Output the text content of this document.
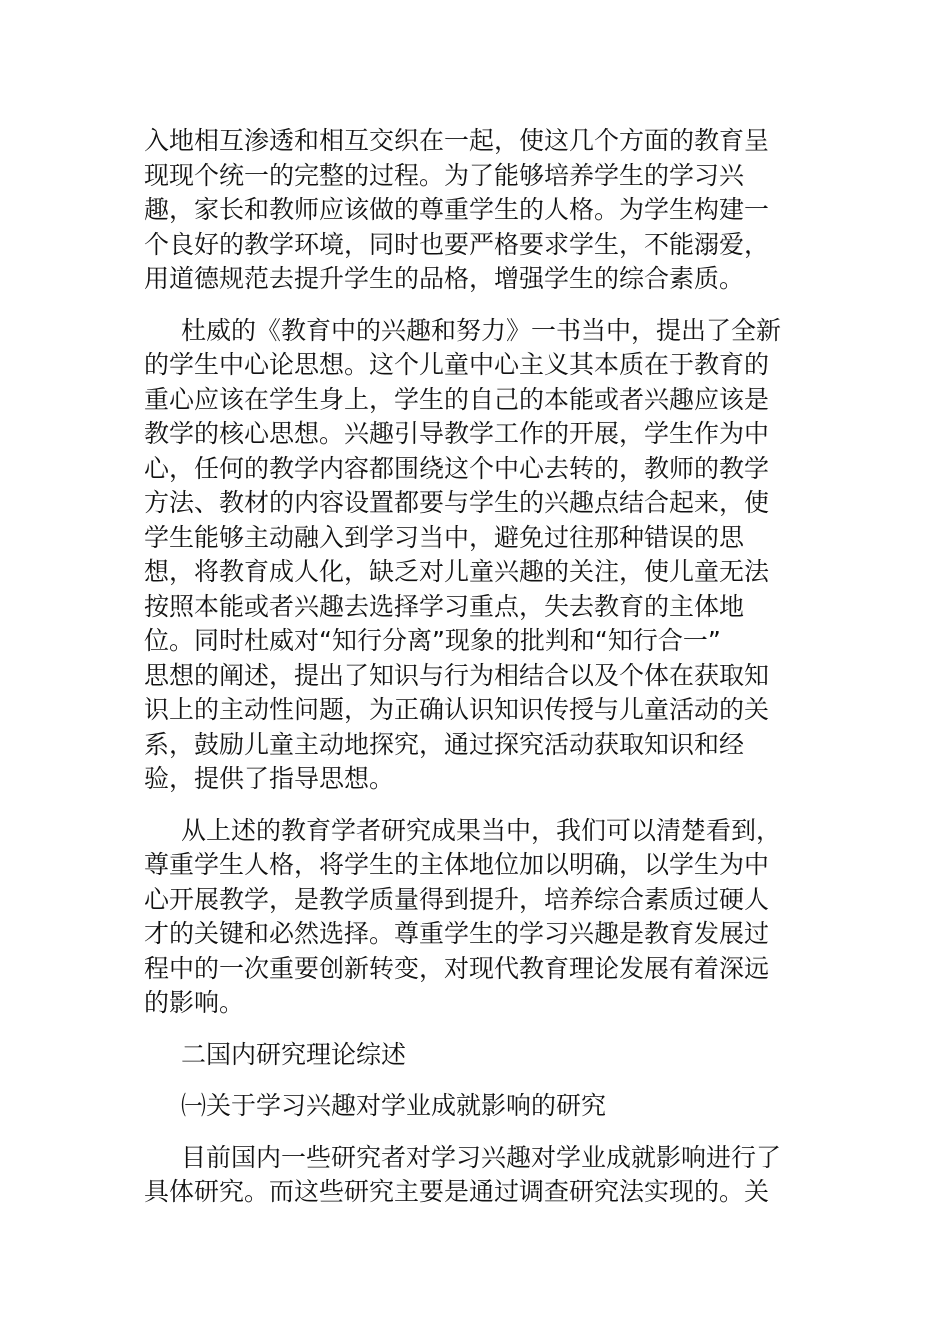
入地相互渗透和相互交织在一起，使这几个方面的教育呈
现现个统一的完整的过程。为了能够培养学生的学习兴
趣，家长和教师应该做的尊重学生的人格。为学生构建一
个良好的教学环境，同时也要严格要求学生，不能溺爱，
用道德规范去提升学生的品格，增强学生的综合素质。
杜威的《教育中的兴趣和努力》一书当中，提出了全新
的学生中心论思想。这个儿童中心主义其本质在于教育的
重心应该在学生身上，学生的自己的本能或者兴趣应该是
教学的核心思想。兴趣引导教学工作的开展，学生作为中
心，任何的教学内容都围绕这个中心去转的，教师的教学
方法、教材的内容设置都要与学生的兴趣点结合起来，使
学生能够主动融入到学习当中，避免过往那种错误的思
想，将教育成人化，缺乏对儿童兴趣的关注，使儿童无法
按照本能或者兴趣去选择学习重点，失去教育的主体地
位。同时杜威对“知行分离”现象的批判和“知行合一”
思想的阐述，提出了知识与行为相结合以及个体在获取知
识上的主动性问题，为正确认识知识传授与儿童活动的关
系，鼓励儿童主动地探究，通过探究活动获取知识和经
验，提供了指导思想。
从上述的教育学者研究成果当中，我们可以清楚看到，
尊重学生人格，将学生的主体地位加以明确，以学生为中
心开展教学，是教学质量得到提升，培养综合素质过硬人
才的关键和必然选择。尊重学生的学习兴趣是教育发展过
程中的一次重要创新转变，对现代教育理论发展有着深远
的影响。
二国内研究理论综述
㈠关于学习兴趣对学业成就影响的研究
目前国内一些研究者对学习兴趣对学业成就影响进行了
具体研究。而这些研究主要是通过调查研究法实现的。关
